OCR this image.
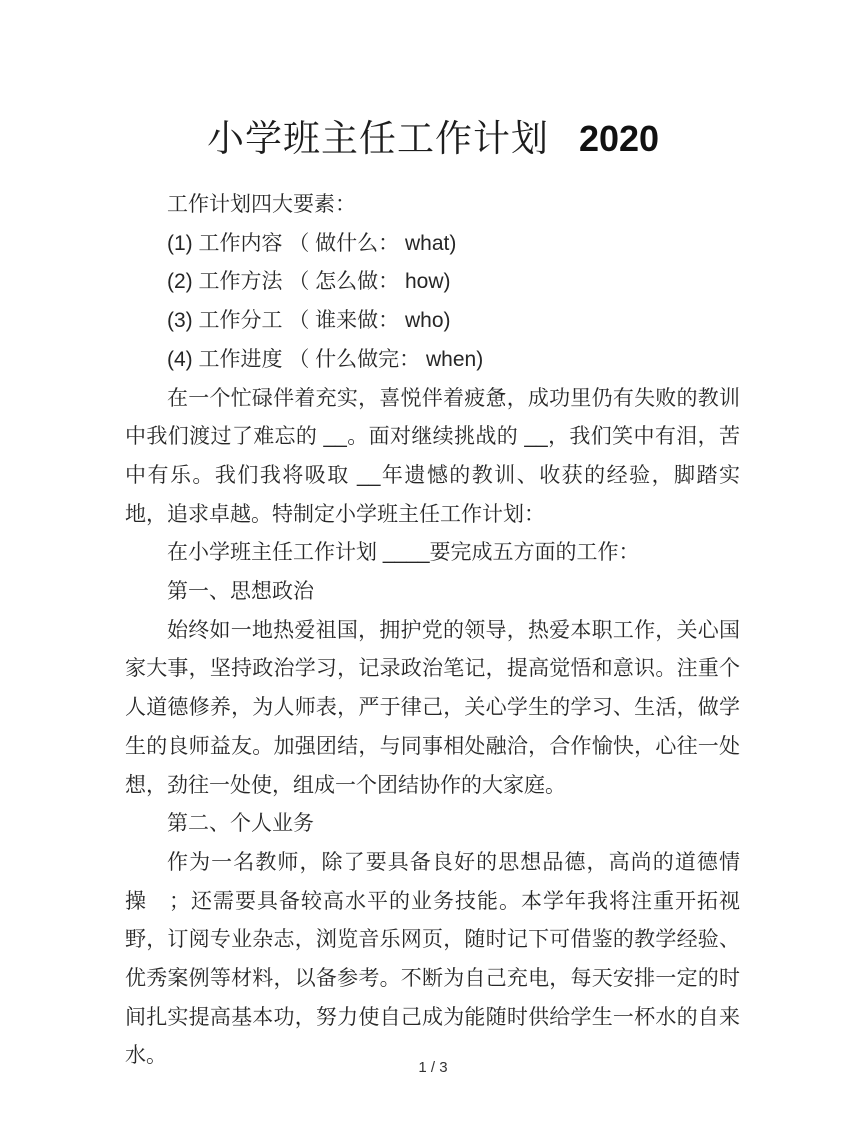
小学班主任工作计划 2020

工作计划四大要素：

(1) 工作内容 （ 做什么： what)

(2) 工作方法 （ 怎么做： how)

(3) 工作分工 （ 谁来做： who)

(4) 工作进度 （ 什么做完： when)

在一个忙碌伴着充实，喜悦伴着疲惫，成功里仍有失败的教训中我们渡过了难忘的 __。面对继续挑战的 __，我们笑中有泪，苦中有乐。我们我将吸取 __年遗憾的教训、收获的经验，脚踏实地，追求卓越。特制定小学班主任工作计划：

在小学班主任工作计划 ____要完成五方面的工作：

第一、思想政治

始终如一地热爱祖国，拥护党的领导，热爱本职工作，关心国家大事，坚持政治学习，记录政治笔记，提高觉悟和意识。注重个人道德修养，为人师表，严于律己，关心学生的学习、生活，做学生的良师益友。加强团结，与同事相处融洽，合作愉快，心往一处想，劲往一处使，组成一个团结协作的大家庭。

第二、个人业务

作为一名教师，除了要具备良好的思想品德，高尚的道德情操　；还需要具备较高水平的业务技能。本学年我将注重开拓视野，订阅专业杂志，浏览音乐网页，随时记下可借鉴的教学经验、优秀案例等材料，以备参考。不断为自己充电，每天安排一定的时间扎实提高基本功，努力使自己成为能随时供给学生一杯水的自来水。

1 / 3
